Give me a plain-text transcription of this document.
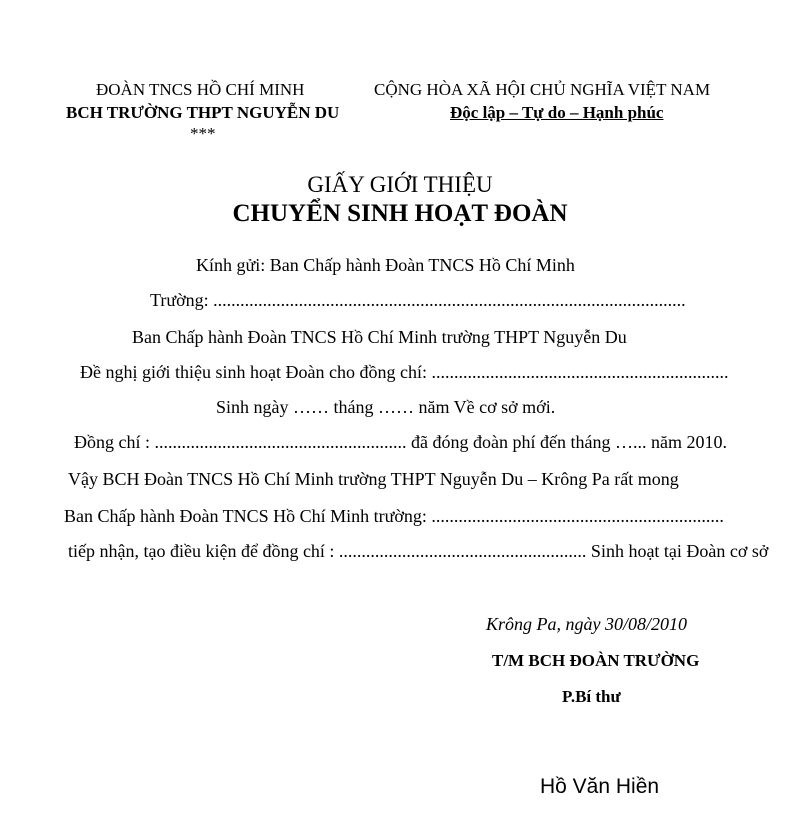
ĐOÀN TNCS HỒ CHÍ MINH
BCH TRƯỜNG THPT NGUYỄN DU
***
CỘNG HÒA XÃ HỘI CHỦ NGHĨA VIỆT NAM
Độc lập – Tự do – Hạnh phúc
GIẤY GIỚI THIỆU
CHUYỂN SINH HOẠT ĐOÀN
Kính gửi: Ban Chấp hành Đoàn TNCS Hồ Chí Minh
Trường: .........................................................................................................
Ban Chấp hành Đoàn TNCS Hồ Chí Minh trường THPT Nguyễn Du
Đề nghị giới thiệu sinh hoạt Đoàn cho đồng chí: ..................................................................
Sinh ngày …… tháng …… năm Về cơ sở mới.
Đồng chí : ........................................................ đã đóng đoàn phí đến tháng …... năm 2010.
Vậy BCH Đoàn TNCS Hồ Chí Minh trường THPT Nguyễn Du – Krông Pa rất mong
Ban Chấp hành Đoàn TNCS Hồ Chí Minh trường: .................................................................
tiếp nhận, tạo điều kiện để đồng chí : ....................................................... Sinh hoạt tại Đoàn cơ sở
Krông Pa, ngày 30/08/2010
T/M BCH ĐOÀN TRƯỜNG
P.Bí thư
Hồ Văn Hiền
